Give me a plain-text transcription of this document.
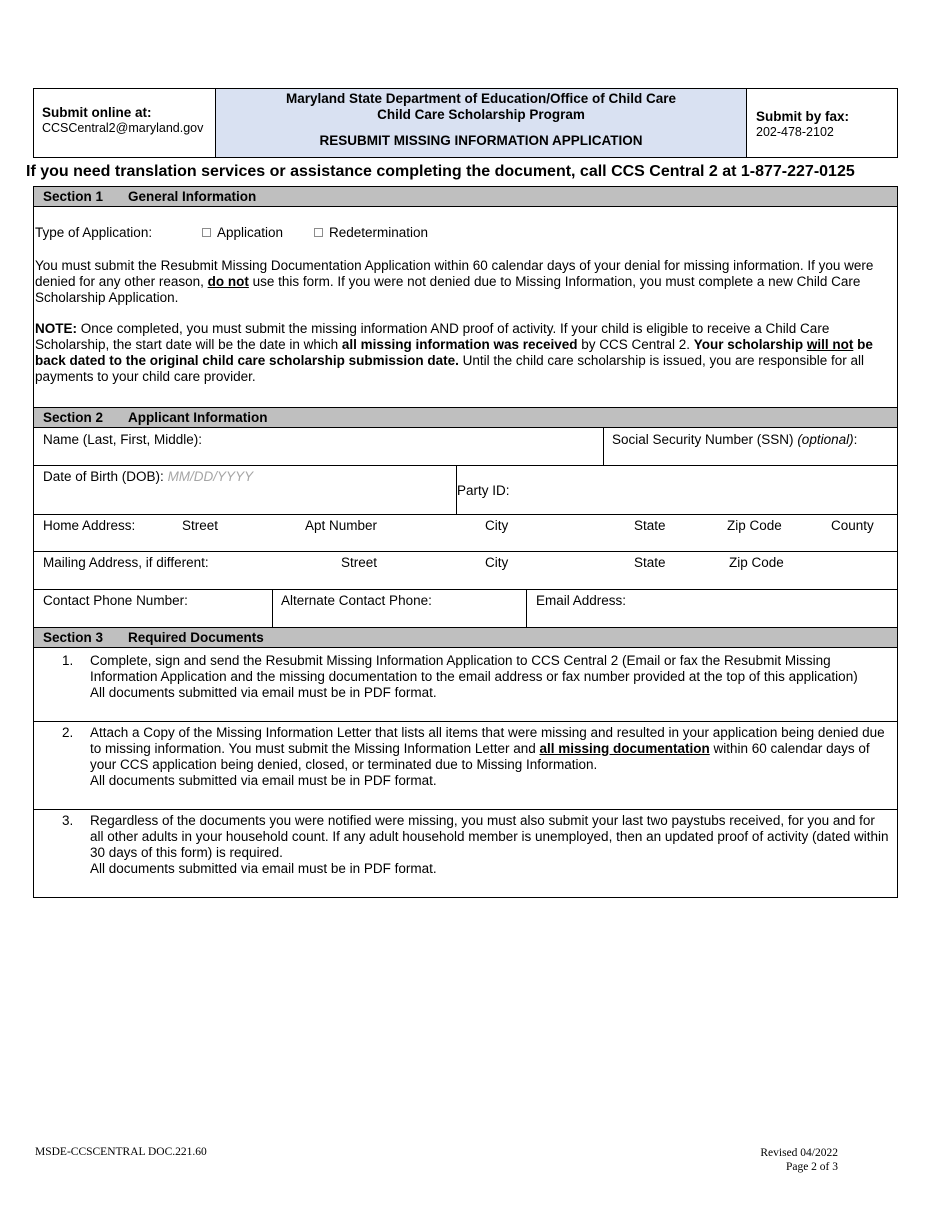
Submit online at:
CCSCentral2@maryland.gov
Maryland State Department of Education/Office of Child Care
Child Care Scholarship Program
RESUBMIT MISSING INFORMATION APPLICATION
Submit by fax:
202-478-2102
If you need translation services or assistance completing the document, call CCS Central 2 at 1-877-227-0125
Section 1 General Information
Type of Application:	Application	Redetermination
You must submit the Resubmit Missing Documentation Application within 60 calendar days of your denial for missing information. If you were denied for any other reason, do not use this form. If you were not denied due to Missing Information, you must complete a new Child Care Scholarship Application.
NOTE: Once completed, you must submit the missing information AND proof of activity. If your child is eligible to receive a Child Care Scholarship, the start date will be the date in which all missing information was received by CCS Central 2. Your scholarship will not be back dated to the original child care scholarship submission date. Until the child care scholarship is issued, you are responsible for all payments to your child care provider.
Section 2 Applicant Information
Name (Last, First, Middle):	Social Security Number (SSN) (optional):
Date of Birth (DOB): MM/DD/YYYY
Party ID:
Home Address:	Street	Apt Number	City	State	Zip Code	County
Mailing Address, if different:	Street	City	State	Zip Code
Contact Phone Number:	Alternate Contact Phone:	Email Address:
Section 3 Required Documents
1. Complete, sign and send the Resubmit Missing Information Application to CCS Central 2 (Email or fax the Resubmit Missing Information Application and the missing documentation to the email address or fax number provided at the top of this application)
All documents submitted via email must be in PDF format.
2. Attach a Copy of the Missing Information Letter that lists all items that were missing and resulted in your application being denied due to missing information. You must submit the Missing Information Letter and all missing documentation within 60 calendar days of your CCS application being denied, closed, or terminated due to Missing Information.
All documents submitted via email must be in PDF format.
3. Regardless of the documents you were notified were missing, you must also submit your last two paystubs received, for you and for all other adults in your household count. If any adult household member is unemployed, then an updated proof of activity (dated within 30 days of this form) is required.
All documents submitted via email must be in PDF format.
MSDE-CCSCENTRAL DOC.221.60	Revised 04/2022
Page 2 of 3
